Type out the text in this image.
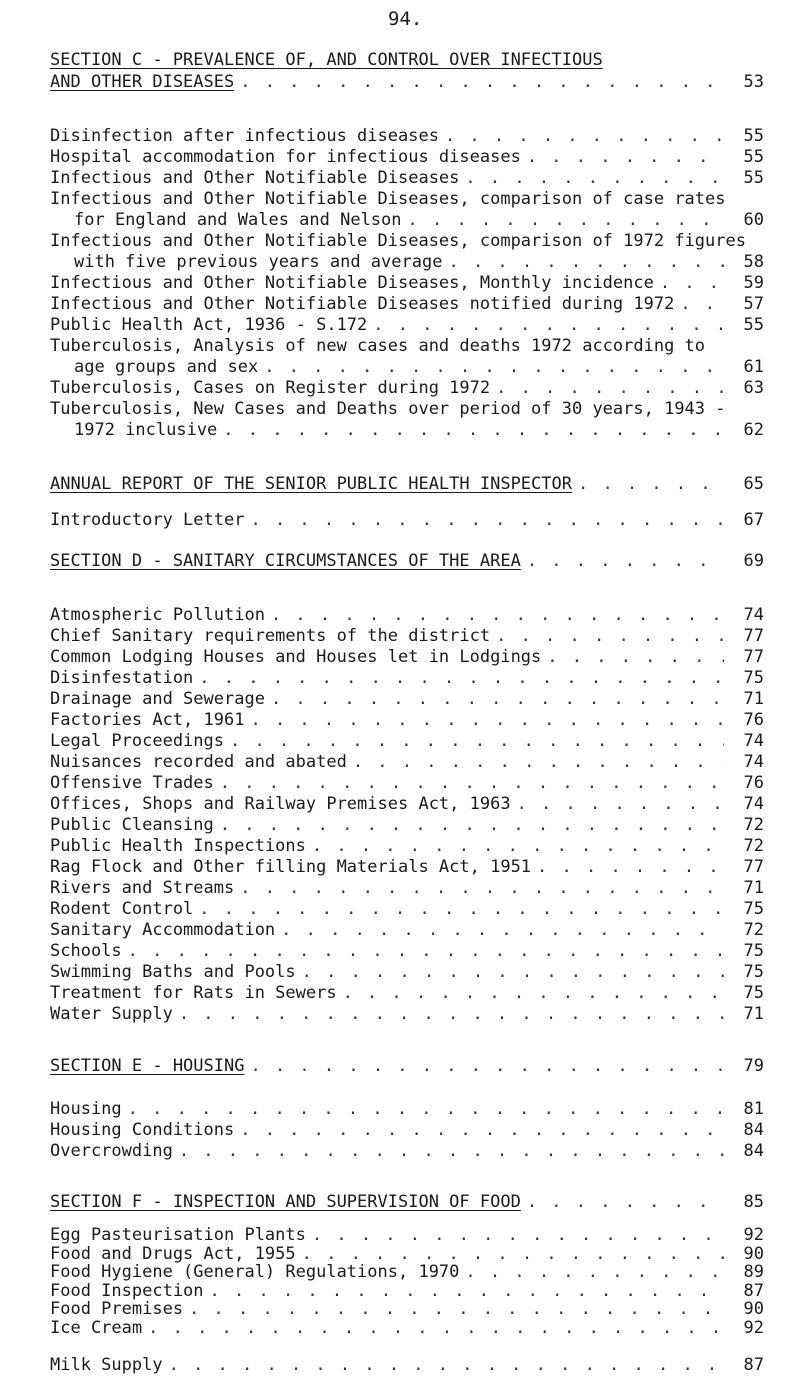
94.
SECTION C - PREVALENCE OF, AND CONTROL OVER INFECTIOUS
AND OTHER DISEASES . . .	53
Disinfection after infectious diseases . . .	55
Hospital accommodation for infectious diseases . . .	55
Infectious and Other Notifiable Diseases . . .	55
Infectious and Other Notifiable Diseases, comparison of case rates
for England and Wales and Nelson . . .	60
Infectious and Other Notifiable Diseases, comparison of 1972 figures
with five previous years and average . . .	58
Infectious and Other Notifiable Diseases, Monthly incidence . . .	59
Infectious and Other Notifiable Diseases notified during 1972 . . .	57
Public Health Act, 1936 - S.172 . . .	55
Tuberculosis, Analysis of new cases and deaths 1972 according to
age groups and sex . . .	61
Tuberculosis, Cases on Register during 1972 . . .	63
Tuberculosis, New Cases and Deaths over period of 30 years, 1943 -
1972 inclusive . . .	62
ANNUAL REPORT OF THE SENIOR PUBLIC HEALTH INSPECTOR . . .	65
Introductory Letter . . .	67
SECTION D - SANITARY CIRCUMSTANCES OF THE AREA . . .	69
Atmospheric Pollution . . .	74
Chief Sanitary requirements of the district . . .	77
Common Lodging Houses and Houses let in Lodgings . . .	77
Disinfestation . . .	75
Drainage and Sewerage . . .	71
Factories Act, 1961 . . .	76
Legal Proceedings . . .	74
Nuisances recorded and abated . . .	74
Offensive Trades . . .	76
Offices, Shops and Railway Premises Act, 1963 . . .	74
Public Cleansing . . .	72
Public Health Inspections . . .	72
Rag Flock and Other filling Materials Act, 1951 . . .	77
Rivers and Streams . . .	71
Rodent Control . . .	75
Sanitary Accommodation . . .	72
Schools . . .	75
Swimming Baths and Pools . . .	75
Treatment for Rats in Sewers . . .	75
Water Supply . . .	71
SECTION E - HOUSING . . .	79
Housing . . .	81
Housing Conditions . . .	84
Overcrowding . . .	84
SECTION F - INSPECTION AND SUPERVISION OF FOOD . . .	85
Egg Pasteurisation Plants . . .	92
Food and Drugs Act, 1955 . . .	90
Food Hygiene (General) Regulations, 1970 . . .	89
Food Inspection . . .	87
Food Premises . . .	90
Ice Cream . . .	92
Milk Supply . . .	87
